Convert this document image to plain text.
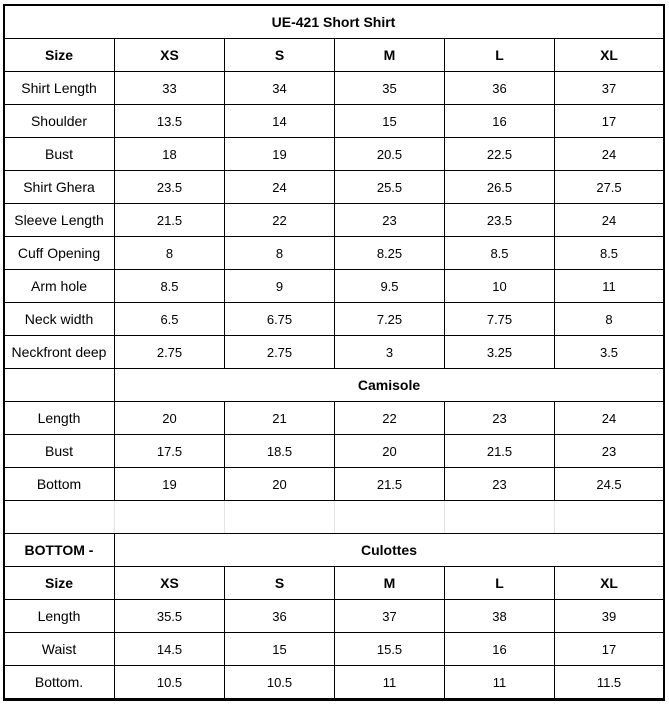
UE-421 Short Shirt					
Size	XS	S	M	L	XL
Shirt Length	33	34	35	36	37
Shoulder	13.5	14	15	16	17
Bust	18	19	20.5	22.5	24
Shirt Ghera	23.5	24	25.5	26.5	27.5
Sleeve Length	21.5	22	23	23.5	24
Cuff Opening	8	8	8.25	8.5	8.5
Arm hole	8.5	9	9.5	10	11
Neck width	6.5	6.75	7.25	7.75	8
Neckfront deep	2.75	2.75	3	3.25	3.5
	Camisole				
Length	20	21	22	23	24
Bust	17.5	18.5	20	21.5	23
Bottom	19	20	21.5	23	24.5

BOTTOM -	Culottes				
Size	XS	S	M	L	XL
Length	35.5	36	37	38	39
Waist	14.5	15	15.5	16	17
Bottom.	10.5	10.5	11	11	11.5
